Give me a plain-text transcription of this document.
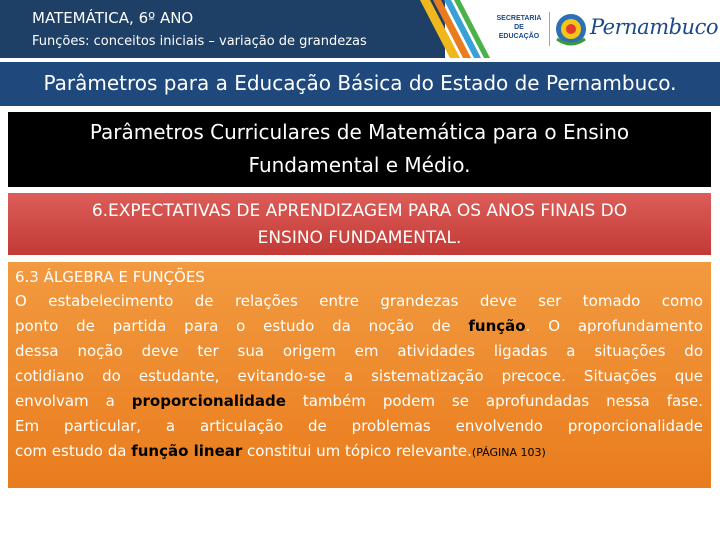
MATEMÁTICA, 6º ANO
Funções: conceitos iniciais – variação de grandezas
SECRETARIA DE EDUCAÇÃO Pernambuco
Parâmetros para a Educação Básica do Estado de Pernambuco.
Parâmetros Curriculares de Matemática para o Ensino
Fundamental e Médio.
6.EXPECTATIVAS DE APRENDIZAGEM PARA OS ANOS FINAIS DO
ENSINO FUNDAMENTAL.
6.3 ÁLGEBRA E FUNÇÕES
O estabelecimento de relações entre grandezas deve ser tomado como
ponto de partida para o estudo da noção de função. O aprofundamento
dessa noção deve ter sua origem em atividades ligadas a situações do
cotidiano do estudante, evitando-se a sistematização precoce. Situações que
envolvam a proporcionalidade também podem se aprofundadas nessa fase.
Em particular, a articulação de problemas envolvendo proporcionalidade
com estudo da função linear constitui um tópico relevante.(PÁGINA 103)
